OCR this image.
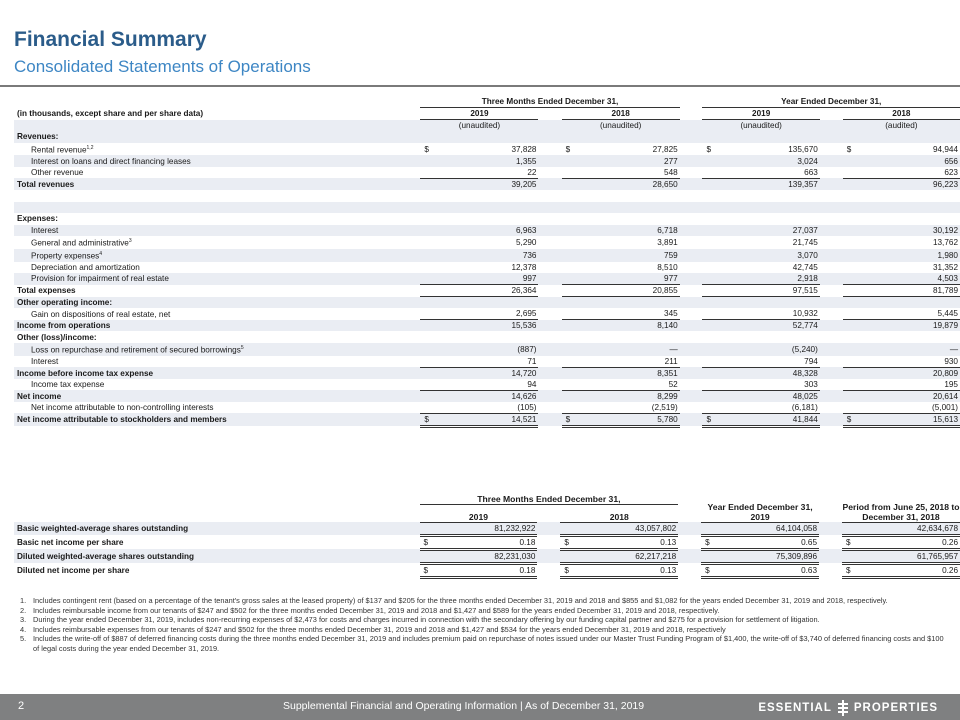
Financial Summary
Consolidated Statements of Operations
	Three Months Ended December 31,						Year Ended December 31,				
(in thousands, except share and per share data)	2019			2018			2019			2018	
	(unaudited)			(unaudited)			(unaudited)			(audited)	
Revenues:											
Rental revenue$^{1,2}$	$	37,828		$	27,825		$	135,670		$	94,944
Interest on loans and direct financing leases		1,355			277			3,024			656
Other revenue		22			548			663			623
Total revenues		39,205			28,650			139,357			96,223

Expenses:											
Interest		6,963			6,718			27,037			30,192
General and administrative$^3$		5,290			3,891			21,745			13,762
Property expenses$^4$		736			759			3,070			1,980
Depreciation and amortization		12,378			8,510			42,745			31,352
Provision for impairment of real estate		997			977			2,918			4,503
Total expenses		26,364			20,855			97,515			81,789
Other operating income:											
Gain on dispositions of real estate, net		2,695			345			10,932			5,445
Income from operations		15,536			8,140			52,774			19,879
Other (loss)/income:											
Loss on repurchase and retirement of secured borrowings$^5$		(887)			—			(5,240)			—
Interest		71			211			794			930
Income before income tax expense		14,720			8,351			48,328			20,809
Income tax expense		94			52			303			195
Net income		14,626			8,299			48,025			20,614
Net income attributable to non-controlling interests		(105)			(2,519)			(6,181)			(5,001)
Net income attributable to stockholders and members	$	14,521		$	5,780		$	41,844		$	15,613
	Three Months Ended December 31,						Year Ended December 31, 2019			Period from June 25, 2018 to December 31, 2018	
	2019			2018							
Basic weighted-average shares outstanding		81,232,922			43,057,802			64,104,058			42,634,678
Basic net income per share	$	0.18		$	0.13		$	0.65		$	0.26
Diluted weighted-average shares outstanding		82,231,030			62,217,218			75,309,896			61,765,957
Diluted net income per share	$	0.18		$	0.13		$	0.63		$	0.26
1. Includes contingent rent (based on a percentage of the tenant's gross sales at the leased property) of $137 and $205 for the three months ended December 31, 2019 and 2018 and $855 and $1,082 for the years ended December 31, 2019 and 2018, respectively.
2. Includes reimbursable income from our tenants of $247 and $502 for the three months ended December 31, 2019 and 2018 and $1,427 and $589 for the years ended December 31, 2019 and 2018, respectively.
3. During the year ended December 31, 2019, includes non-recurring expenses of $2,473 for costs and charges incurred in connection with the secondary offering by our funding capital partner and $275 for a provision for settlement of litigation.
4. Includes reimbursable expenses from our tenants of $247 and $502 for the three months ended December 31, 2019 and 2018 and $1,427 and $534 for the years ended December 31, 2019 and 2018, respectively
5. Includes the write-off of $887 of deferred financing costs during the three months ended December 31, 2019 and includes premium paid on repurchase of notes issued under our Master Trust Funding Program of $1,400, the write-off of $3,740 of deferred financing costs and $100 of legal costs during the year ended December 31, 2019.
2	Supplemental Financial and Operating Information | As of December 31, 2019	ESSENTIAL PROPERTIES
